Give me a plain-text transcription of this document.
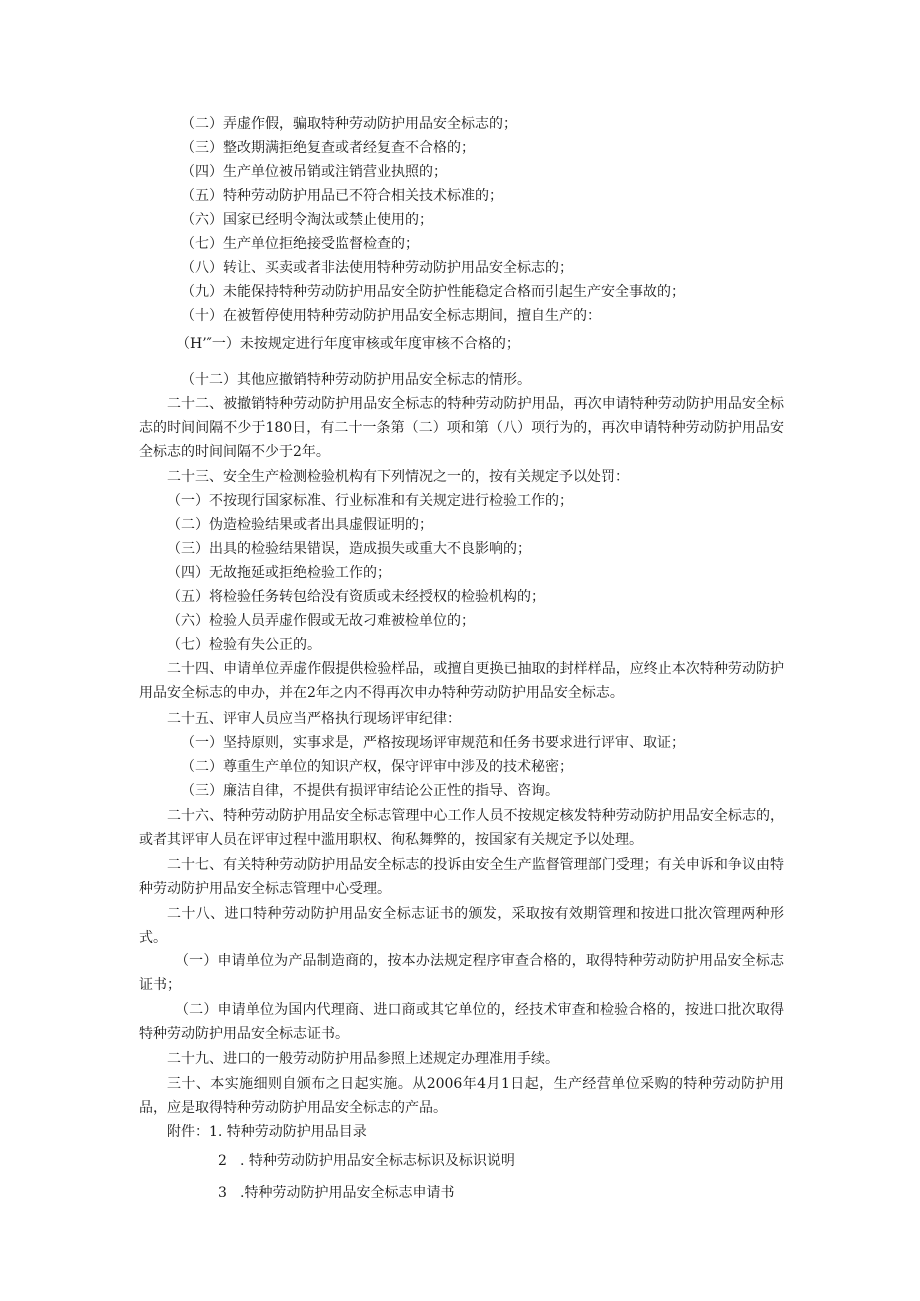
（二）弄虚作假，骗取特种劳动防护用品安全标志的；
（三）整改期满拒绝复查或者经复查不合格的；
（四）生产单位被吊销或注销营业执照的；
（五）特种劳动防护用品已不符合相关技术标准的；
（六）国家已经明令淘汰或禁止使用的；
（七）生产单位拒绝接受监督检查的；
（八）转让、买卖或者非法使用特种劳动防护用品安全标志的；
（九）未能保持特种劳动防护用品安全防护性能稳定合格而引起生产安全事故的；
（十）在被暂停使用特种劳动防护用品安全标志期间，擅自生产的：
（H’″一）未按规定进行年度审核或年度审核不合格的；
（十二）其他应撤销特种劳动防护用品安全标志的情形。
二十二、被撤销特种劳动防护用品安全标志的特种劳动防护用品，再次申请特种劳动防护用品安全标志的时间间隔不少于180日，有二十一条第（二）项和第（八）项行为的，再次申请特种劳动防护用品安全标志的时间间隔不少于2年。
二十三、安全生产检测检验机构有下列情况之一的，按有关规定予以处罚：
（一）不按现行国家标准、行业标准和有关规定进行检验工作的；
（二）伪造检验结果或者出具虚假证明的；
（三）出具的检验结果错误，造成损失或重大不良影响的；
（四）无故拖延或拒绝检验工作的；
（五）将检验任务转包给没有资质或未经授权的检验机构的；
（六）检验人员弄虚作假或无故刁难被检单位的；
（七）检验有失公正的。
二十四、申请单位弄虚作假提供检验样品，或擅自更换已抽取的封样样品，应终止本次特种劳动防护用品安全标志的申办，并在2年之内不得再次申办特种劳动防护用品安全标志。
二十五、评审人员应当严格执行现场评审纪律：
（一）坚持原则，实事求是，严格按现场评审规范和任务书要求进行评审、取证；
（二）尊重生产单位的知识产权，保守评审中涉及的技术秘密；
（三）廉洁自律，不提供有损评审结论公正性的指导、咨询。
二十六、特种劳动防护用品安全标志管理中心工作人员不按规定核发特种劳动防护用品安全标志的，或者其评审人员在评审过程中滥用职权、徇私舞弊的，按国家有关规定予以处理。
二十七、有关特种劳动防护用品安全标志的投诉由安全生产监督管理部门受理；有关申诉和争议由特种劳动防护用品安全标志管理中心受理。
二十八、进口特种劳动防护用品安全标志证书的颁发，采取按有效期管理和按进口批次管理两种形式。
（一）申请单位为产品制造商的，按本办法规定程序审查合格的，取得特种劳动防护用品安全标志证书；
（二）申请单位为国内代理商、进口商或其它单位的，经技术审查和检验合格的，按进口批次取得特种劳动防护用品安全标志证书。
二十九、进口的一般劳动防护用品参照上述规定办理准用手续。
三十、本实施细则自颁布之日起实施。从2006年4月1日起，生产经营单位采购的特种劳动防护用品，应是取得特种劳动防护用品安全标志的产品。
附件：1. 特种劳动防护用品目录
2 . 特种劳动防护用品安全标志标识及标识说明
3 .特种劳动防护用品安全标志申请书
